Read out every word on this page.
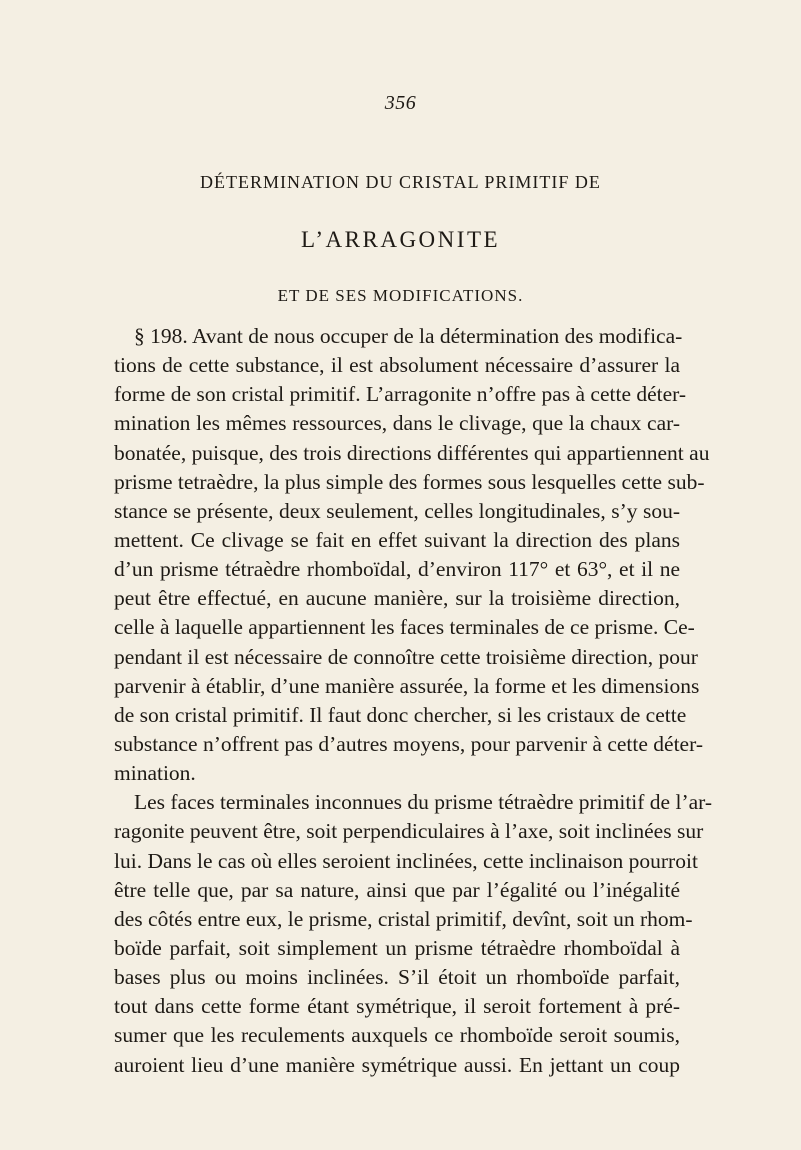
356
DÉTERMINATION DU CRISTAL PRIMITIF DE
L’ARRAGONITE
ET DE SES MODIFICATIONS.
§ 198. Avant de nous occuper de la détermination des modifica-
tions de cette substance, il est absolument nécessaire d’assurer la
forme de son cristal primitif. L’arragonite n’offre pas à cette déter-
mination les mêmes ressources, dans le clivage, que la chaux car-
bonatée, puisque, des trois directions différentes qui appartiennent au
prisme tetraèdre, la plus simple des formes sous lesquelles cette sub-
stance se présente, deux seulement, celles longitudinales, s’y sou-
mettent. Ce clivage se fait en effet suivant la direction des plans
d’un prisme tétraèdre rhomboïdal, d’environ 117° et 63°, et il ne
peut être effectué, en aucune manière, sur la troisième direction,
celle à laquelle appartiennent les faces terminales de ce prisme. Ce-
pendant il est nécessaire de connoître cette troisième direction, pour
parvenir à établir, d’une manière assurée, la forme et les dimensions
de son cristal primitif. Il faut donc chercher, si les cristaux de cette
substance n’offrent pas d’autres moyens, pour parvenir à cette déter-
mination.
Les faces terminales inconnues du prisme tétraèdre primitif de l’ar-
ragonite peuvent être, soit perpendiculaires à l’axe, soit inclinées sur
lui. Dans le cas où elles seroient inclinées, cette inclinaison pourroit
être telle que, par sa nature, ainsi que par l’égalité ou l’inégalité
des côtés entre eux, le prisme, cristal primitif, devînt, soit un rhom-
boïde parfait, soit simplement un prisme tétraèdre rhomboïdal à
bases plus ou moins inclinées. S’il étoit un rhomboïde parfait,
tout dans cette forme étant symétrique, il seroit fortement à pré-
sumer que les reculements auxquels ce rhomboïde seroit soumis,
auroient lieu d’une manière symétrique aussi. En jettant un coup
